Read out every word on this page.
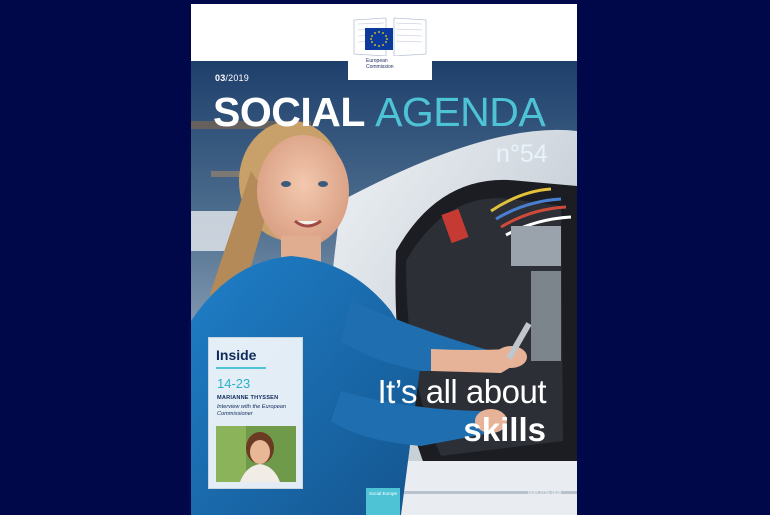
European
Commission
03/2019
SOCIAL AGENDA
n°54
Inside
14-23
MARIANNE THYSSEN
Interview with the European Commissioner
It’s all about
skills
Social Europe	ISSN 1725-2539
